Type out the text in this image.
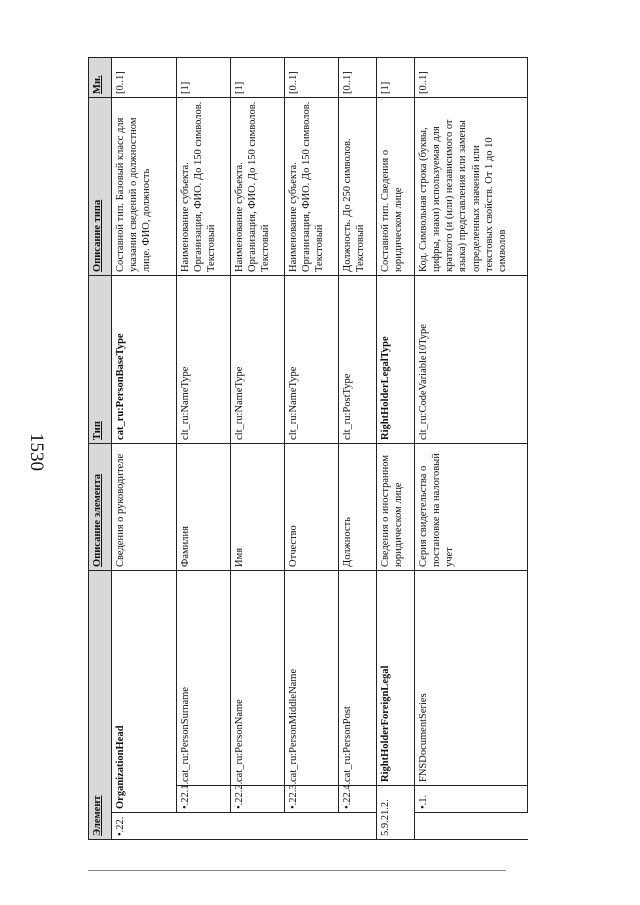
1530
Элемент			Описание элемента	Тип	Описание типа	Ми.
•.22.	OrganizationHead		Сведения о руководителе	cat_ru:PersonBaseType	Составной тип. Базовый класс для указания сведений о должностном лице. ФИО, должность	[0..1]
	•.22.1.	cat_ru:PersonSurname	Фамилия	clt_ru:NameType	Наименование субъекта. Организация, ФИО. До 150 символов. Текстовый	[1]
	•.22.2.	cat_ru:PersonName	Имя	clt_ru:NameType	Наименование субъекта. Организация, ФИО. До 150 символов. Текстовый	[1]
	•.22.3.	cat_ru:PersonMiddleName	Отчество	clt_ru:NameType	Наименование субъекта. Организация, ФИО. До 150 символов. Текстовый	[0..1]
	•.22.4.	cat_ru:PersonPost	Должность	clt_ru:PostType	Должность. До 250 символов. Текстовый	[0..1]
5.9.21.2.		RightHolderForeignLegal	Сведения о иностранном юридическом лице	RightHolderLegalType	Составной тип. Сведения о юридическом лице	[1]
	•.1.	FNSDocumentSeries	Серия свидетельства о постановке на налоговый учет	clt_ru:CodeVariable10Type	Код. Символьная строка (буквы, цифры, знаки) используемая для краткого (и (или) независимого от языка) представления или замены определенных значений или текстовых свойств. От 1 до 10 символов	[0..1]
